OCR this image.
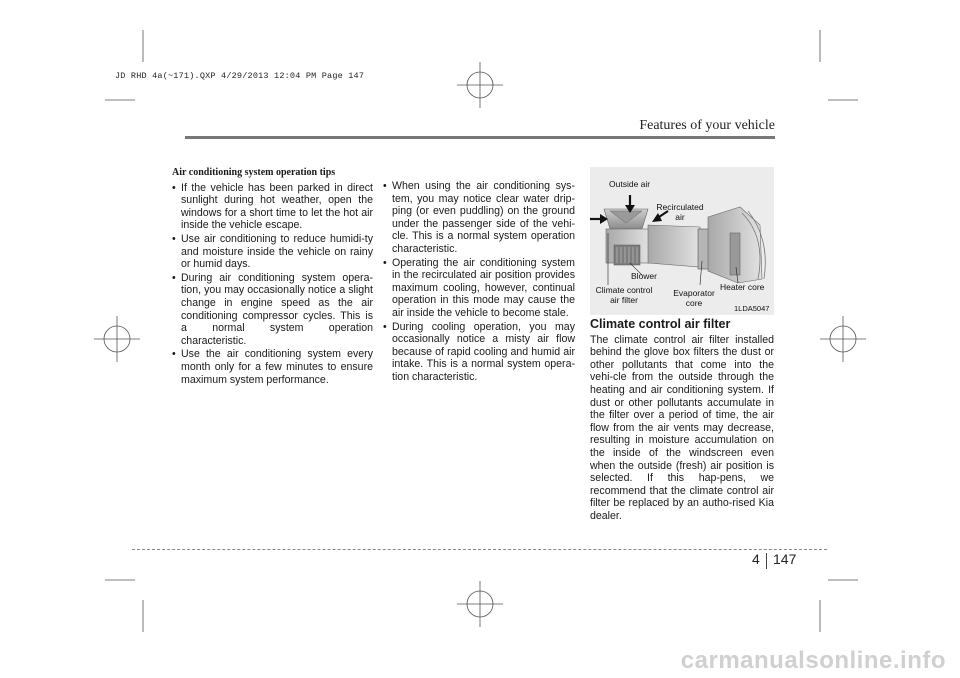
JD RHD 4a(~171).QXP 4/29/2013 12:04 PM Page 147
Features of your vehicle
Air conditioning system operation tips
• If the vehicle has been parked in direct sunlight during hot weather, open the windows for a short time to let the hot air inside the vehicle escape.
• Use air conditioning to reduce humidi-ty and moisture inside the vehicle on rainy or humid days.
• During air conditioning system opera-tion, you may occasionally notice a slight change in engine speed as the air conditioning compressor cycles. This is a normal system operation characteristic.
• Use the air conditioning system every month only for a few minutes to ensure maximum system performance.
• When using the air conditioning sys-tem, you may notice clear water drip-ping (or even puddling) on the ground under the passenger side of the vehi-cle. This is a normal system operation characteristic.
• Operating the air conditioning system in the recirculated air position provides maximum cooling, however, continual operation in this mode may cause the air inside the vehicle to become stale.
• During cooling operation, you may occasionally notice a misty air flow because of rapid cooling and humid air intake. This is a normal system opera-tion characteristic.
Outside air
Recirculated
air
Blower
Heater core
Climate control
air filter
Evaporator
core
1LDA5047
Climate control air filter
The climate control air filter installed behind the glove box filters the dust or other pollutants that come into the vehi-cle from the outside through the heating and air conditioning system. If dust or other pollutants accumulate in the filter over a period of time, the air flow from the air vents may decrease, resulting in moisture accumulation on the inside of the windscreen even when the outside (fresh) air position is selected. If this hap-pens, we recommend that the climate control air filter be replaced by an autho-rised Kia dealer.
4 147
carmanualsonline.info
